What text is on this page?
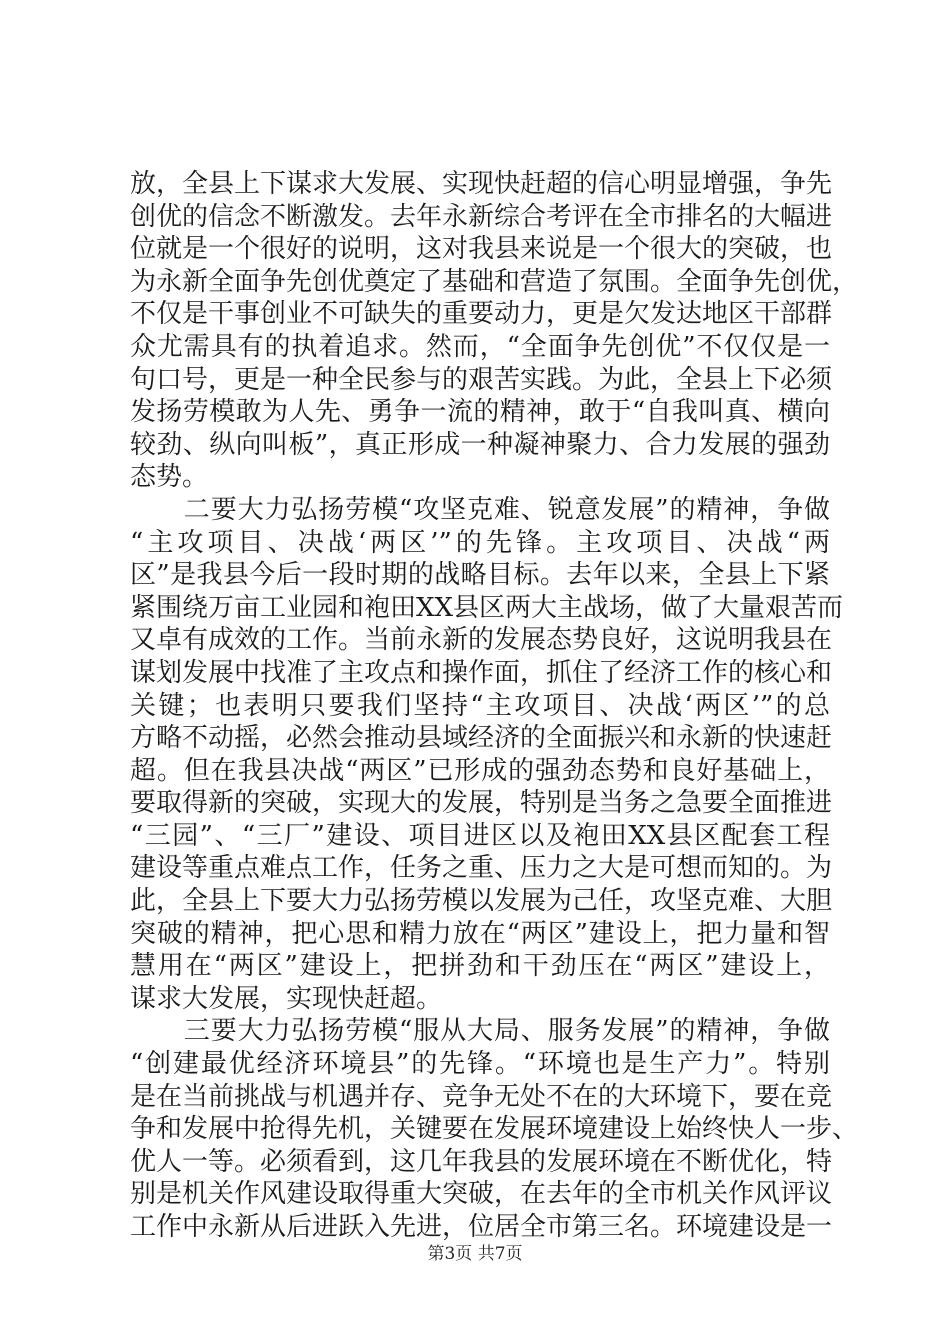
放，全县上下谋求大发展、实现快赶超的信心明显增强，争先
创优的信念不断激发。去年永新综合考评在全市排名的大幅进
位就是一个很好的说明，这对我县来说是一个很大的突破，也
为永新全面争先创优奠定了基础和营造了氛围。全面争先创优，
不仅是干事创业不可缺失的重要动力，更是欠发达地区干部群
众尤需具有的执着追求。然而，“全面争先创优”不仅仅是一
句口号，更是一种全民参与的艰苦实践。为此，全县上下必须
发扬劳模敢为人先、勇争一流的精神，敢于“自我叫真、横向
较劲、纵向叫板”，真正形成一种凝神聚力、合力发展的强劲
态势。
　　二要大力弘扬劳模“攻坚克难、锐意发展”的精神，争做
“主攻项目、决战‘两区’”的先锋。主攻项目、决战“两
区”是我县今后一段时期的战略目标。去年以来，全县上下紧
紧围绕万亩工业园和袍田XX县区两大主战场，做了大量艰苦而
又卓有成效的工作。当前永新的发展态势良好，这说明我县在
谋划发展中找准了主攻点和操作面，抓住了经济工作的核心和
关键；也表明只要我们坚持“主攻项目、决战‘两区’”的总
方略不动摇，必然会推动县域经济的全面振兴和永新的快速赶
超。但在我县决战“两区”已形成的强劲态势和良好基础上，
要取得新的突破，实现大的发展，特别是当务之急要全面推进
“三园”、“三厂”建设、项目进区以及袍田XX县区配套工程
建设等重点难点工作，任务之重、压力之大是可想而知的。为
此，全县上下要大力弘扬劳模以发展为己任，攻坚克难、大胆
突破的精神，把心思和精力放在“两区”建设上，把力量和智
慧用在“两区”建设上，把拼劲和干劲压在“两区”建设上，
谋求大发展，实现快赶超。
　　三要大力弘扬劳模“服从大局、服务发展”的精神，争做
“创建最优经济环境县”的先锋。“环境也是生产力”。特别
是在当前挑战与机遇并存、竞争无处不在的大环境下，要在竞
争和发展中抢得先机，关键要在发展环境建设上始终快人一步、
优人一等。必须看到，这几年我县的发展环境在不断优化，特
别是机关作风建设取得重大突破，在去年的全市机关作风评议
工作中永新从后进跃入先进，位居全市第三名。环境建设是一
第3页 共7页
